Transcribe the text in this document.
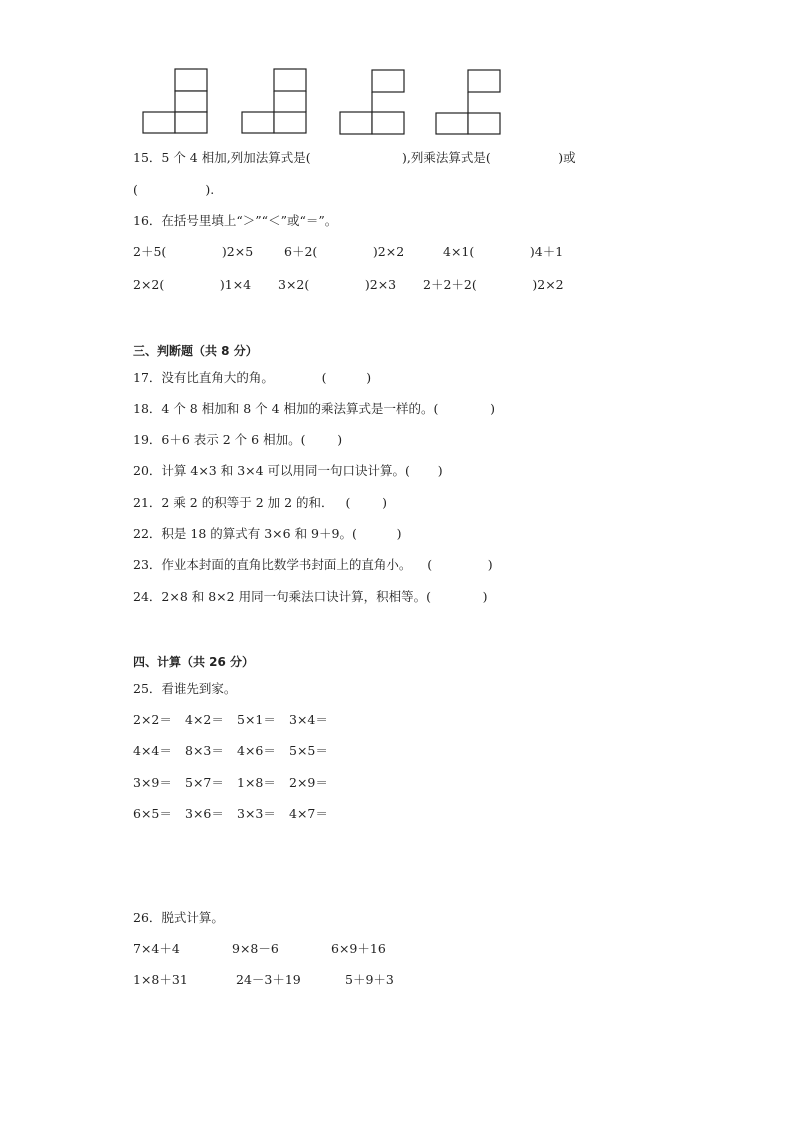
15．5 个 4 相加,列加法算式是(                       ),列乘法算式是(                 )或
(                 ).
16．在括号里填上“＞”“＜”或“＝”。
2＋5(              )2×5 6＋2(              )2×2	4×1(              )4＋1
2×2(              )1×4 3×2(              )2×3 2＋2＋2(              )2×2
三、判断题（共 8 分）
17．没有比直角大的角。            (          )
18．4 个 8 相加和 8 个 4 相加的乘法算式是一样的。(             )
19．6＋6 表示 2 个 6 相加。(        )
20．计算 4×3 和 3×4 可以用同一句口诀计算。(       )
21．2 乘 2 的积等于 2 加 2 的和．   (        )
22．积是 18 的算式有 3×6 和 9＋9。(          )
23．作业本封面的直角比数学书封面上的直角小。    (              )
24．2×8 和 8×2 用同一句乘法口诀计算，积相等。(             )
四、计算（共 26 分）
25．看谁先到家。
2×2＝ 4×2＝ 5×1＝ 3×4＝
4×4＝ 8×3＝ 4×6＝ 5×5＝
3×9＝ 5×7＝ 1×8＝ 2×9＝
6×5＝ 3×6＝ 3×3＝ 4×7＝
26．脱式计算。
7×4＋4	9×8－6	6×9＋16
1×8＋31	24－3＋19	5＋9＋3
